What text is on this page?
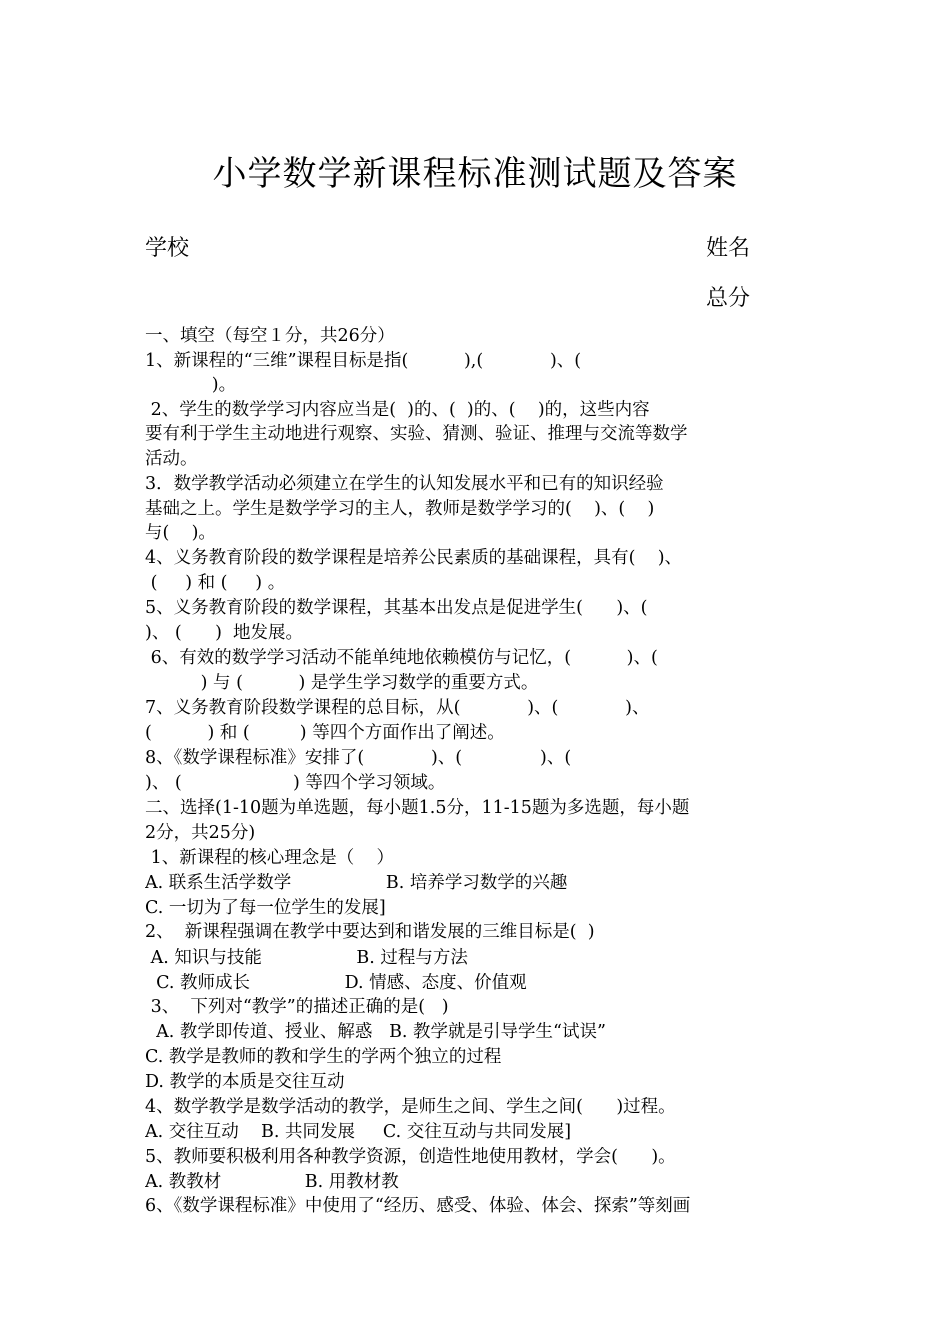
小学数学新课程标准测试题及答案
学校	姓名
总分
一、填空（每空１分，共26分）
1、新课程的“三维”课程目标是指(          ),(            )、(
)。
2、学生的数学学习内容应当是(  )的、(  )的、(    )的，这些内容
要有利于学生主动地进行观察、实验、猜测、验证、推理与交流等数学
活动。
3．数学教学活动必须建立在学生的认知发展水平和已有的知识经验
基础之上。学生是数学学习的主人，教师是数学学习的(    )、(    )
与(    )。
4、义务教育阶段的数学课程是培养公民素质的基础课程，具有(    )、
(     ) 和 (     ) 。
5、义务教育阶段的数学课程，其基本出发点是促进学生(      )、(
)、 (      )  地发展。
6、有效的数学学习活动不能单纯地依赖模仿与记忆，(          )、(
) 与 (          ) 是学生学习数学的重要方式。
7、义务教育阶段数学课程的总目标，从(            )、(            )、
(          ) 和 (         ) 等四个方面作出了阐述。
8、《数学课程标准》安排了(            )、(              )、(
)、 (                    ) 等四个学习领域。
二、选择(1-10题为单选题，每小题1.5分，11-15题为多选题，每小题
2分，共25分)
1、新课程的核心理念是（    ）
A. 联系生活学数学                 B. 培养学习数学的兴趣
C. 一切为了每一位学生的发展]
2、  新课程强调在教学中要达到和谐发展的三维目标是(  )
A. 知识与技能                 B. 过程与方法
C. 教师成长                 D. 情感、态度、价值观
3、  下列对“教学”的描述正确的是(   )
A. 教学即传道、授业、解惑   B. 教学就是引导学生“试误”
C. 教学是教师的教和学生的学两个独立的过程
D. 教学的本质是交往互动
4、数学教学是数学活动的教学，是师生之间、学生之间(      )过程。
A. 交往互动    B. 共同发展     C. 交往互动与共同发展]
5、教师要积极利用各种教学资源，创造性地使用教材，学会(      )。
A. 教教材               B. 用教材教
6、《数学课程标准》中使用了“经历、感受、体验、体会、探索”等刻画
